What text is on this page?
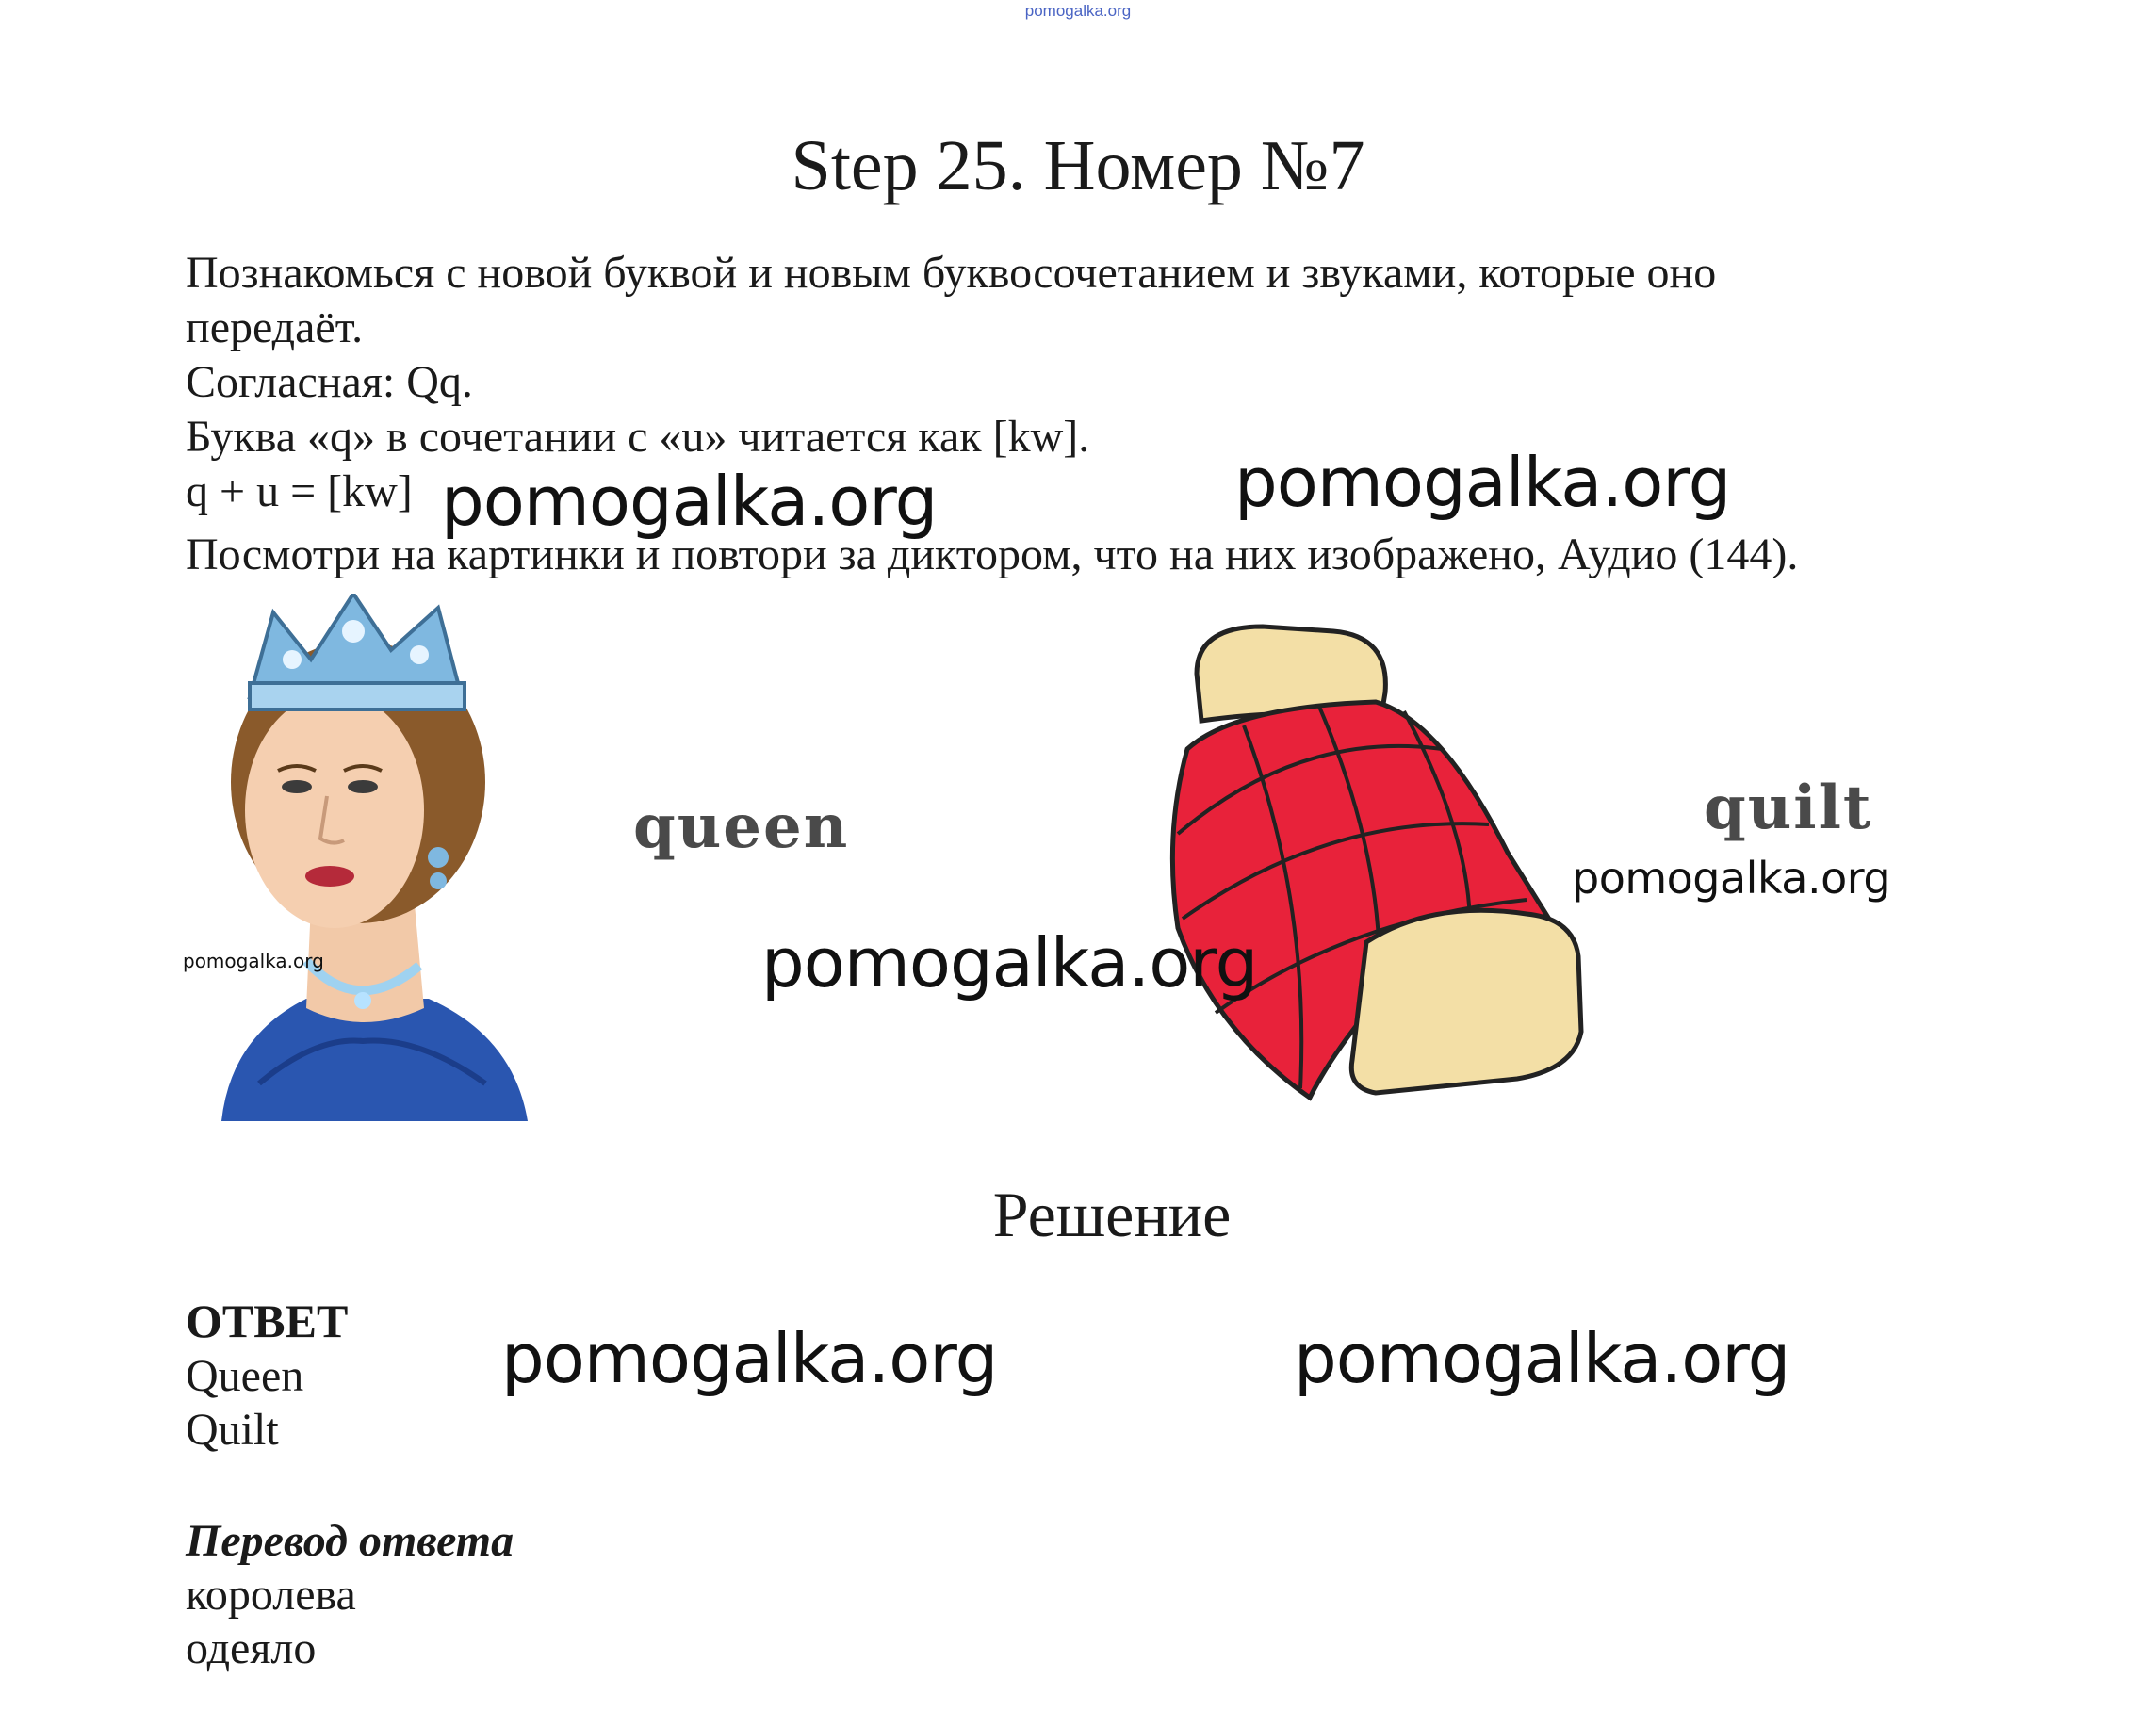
pomogalka.org
Step 25. Номер №7
Познакомься с новой буквой и новым буквосочетанием и звуками, которые оно
передаёт.
Согласная: Qq.
Буква «q» в сочетании с «u» читается как [kw].
q + u = [kw]
Посмотри на картинки и повтори за диктором, что на них изображено, Аудио (144).
queen	quilt
pomogalka.org	pomogalka.org
pomogalka.org
pomogalka.org	pomogalka.org
pomogalka.org	pomogalka.org
Решение
ОТВЕТ
Queen
Quilt
Перевод ответа
королева
одеяло
